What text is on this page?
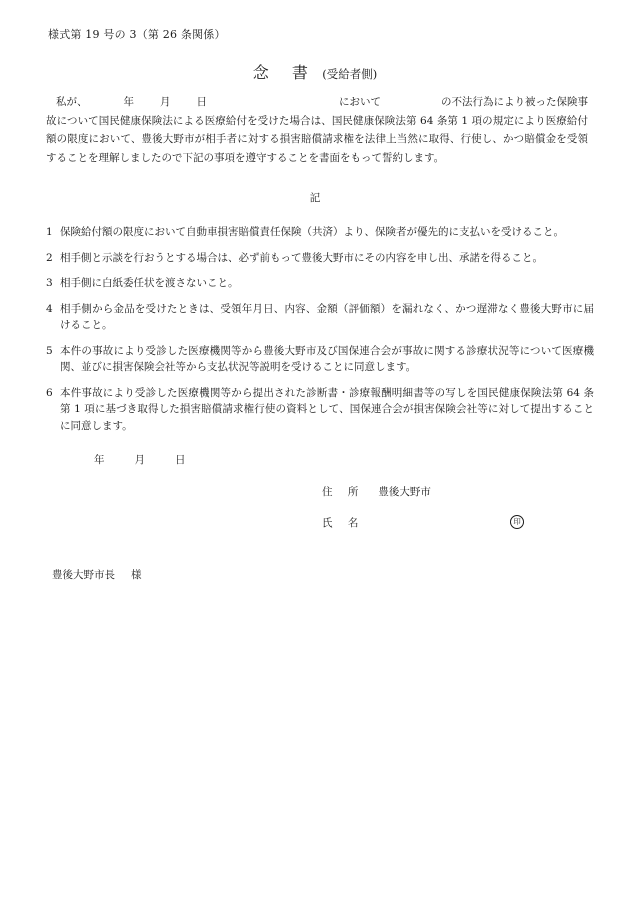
様式第 19 号の 3（第 26 条関係）
念 書 (受給者側)
私が、	年 月 日	において	の不法行為により被った保険事故について国民健康保険法による医療給付を受けた場合は、国民健康保険法第 64 条第 1 項の規定により医療給付額の限度において、豊後大野市が相手者に対する損害賠償請求権を法律上当然に取得、行使し、かつ賠償金を受領することを理解しましたので下記の事項を遵守することを書面をもって誓約します。
記
1 保険給付額の限度において自動車損害賠償責任保険（共済）より、保険者が優先的に支払いを受けること。
2 相手側と示談を行おうとする場合は、必ず前もって豊後大野市にその内容を申し出、承諾を得ること。
3 相手側に白紙委任状を渡さないこと。
4 相手側から金品を受けたときは、受領年月日、内容、金額（評価額）を漏れなく、かつ遅滞なく豊後大野市に届けること。
5 本件の事故により受診した医療機関等から豊後大野市及び国保連合会が事故に関する診療状況等について医療機関、並びに損害保険会社等から支払状況等説明を受けることに同意します。
6 本件事故により受診した医療機関等から提出された診断書・診療報酬明細書等の写しを国民健康保険法第 64 条第 1 項に基づき取得した損害賠償請求権行使の資料として、国保連合会が損害保険会社等に対して提出することに同意します。
年	月	日
住 所 豊後大野市
氏 名	印
豊後大野市長 様
